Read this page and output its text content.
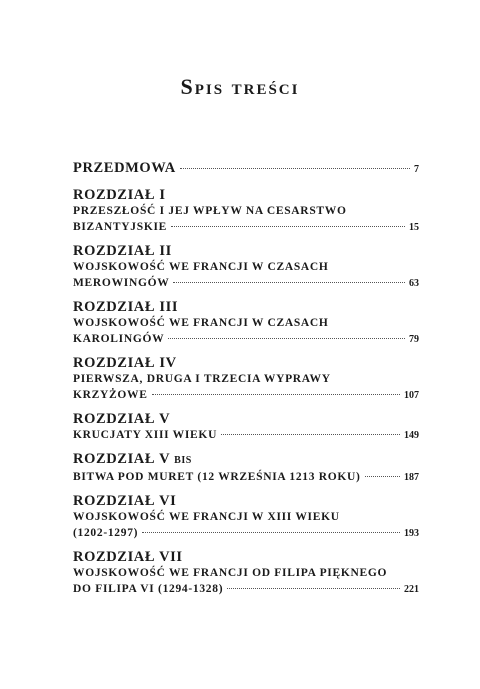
Spis treści
PRZEDMOWA	7
ROZDZIAŁ I
PRZESZŁOŚĆ I JEJ WPŁYW NA CESARSTWO
BIZANTYJSKIE	15
ROZDZIAŁ II
WOJSKOWOŚĆ WE FRANCJI W CZASACH
MEROWINGÓW	63
ROZDZIAŁ III
WOJSKOWOŚĆ WE FRANCJI W CZASACH
KAROLINGÓW	79
ROZDZIAŁ IV
PIERWSZA, DRUGA I TRZECIA WYPRAWY
KRZYŻOWE	107
ROZDZIAŁ V
KRUCJATY XIII WIEKU	149
ROZDZIAŁ V BIS
BITWA POD MURET (12 WRZEŚNIA 1213 ROKU)	187
ROZDZIAŁ VI
WOJSKOWOŚĆ WE FRANCJI W XIII WIEKU
(1202-1297)	193
ROZDZIAŁ VII
WOJSKOWOŚĆ WE FRANCJI OD FILIPA PIĘKNEGO
DO FILIPA VI (1294-1328)	221
